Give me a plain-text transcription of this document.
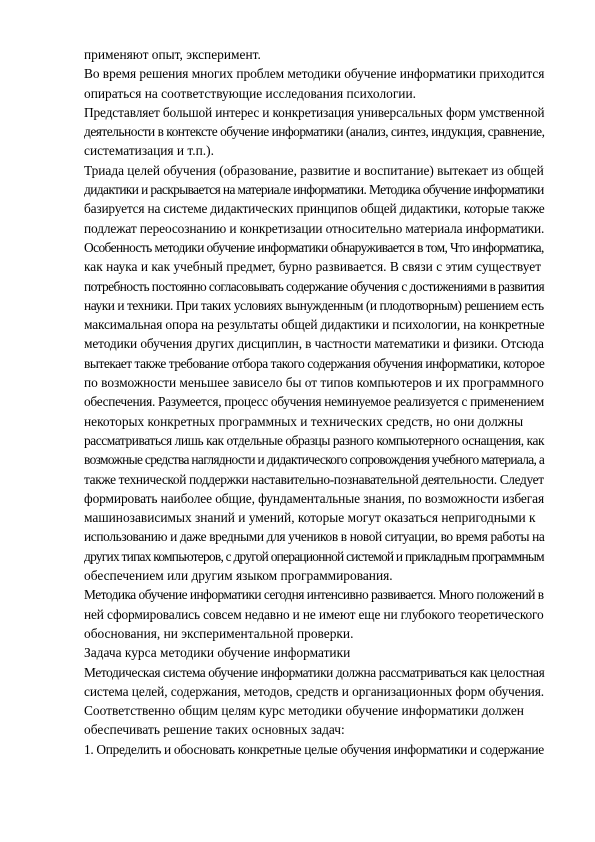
применяют опыт, эксперимент.
Во время решения многих проблем методики обучение информатики приходится
опираться на соответствующие исследования психологии.
Представляет большой интерес и конкретизация универсальных форм умственной
деятельности в контексте обучение информатики (анализ, синтез, индукция, сравнение,
систематизация и т.п.).
Триада целей обучения (образование, развитие и воспитание) вытекает из общей
дидактики и раскрывается на материале информатики. Методика обучение информатики
базируется на системе дидактических принципов общей дидактики, которые также
подлежат переосознанию и конкретизации относительно материала информатики.
Особенность методики обучение информатики обнаруживается в том, Что информатика,
как наука и как учебный предмет, бурно развивается. В связи с этим существует
потребность постоянно согласовывать содержание обучения с достижениями в развития
науки и техники. При таких условиях вынужденным (и плодотворным) решением есть
максимальная опора на результаты общей дидактики и психологии, на конкретные
методики обучения других дисциплин, в частности математики и физики. Отсюда
вытекает также требование отбора такого содержания обучения информатики, которое
по возможности меньшее зависело бы от типов компьютеров и их программного
обеспечения. Разумеется, процесс обучения неминуемое реализуется с применением
некоторых конкретных программных и технических средств, но они должны
рассматриваться лишь как отдельные образцы разного компьютерного оснащения, как
возможные средства наглядности и дидактического сопровождения учебного материала, а
также технической поддержки наставительно-познавательной деятельности. Следует
формировать наиболее общие, фундаментальные знания, по возможности избегая
машинозависимых знаний и умений, которые могут оказаться непригодными к
использованию и даже вредными для учеников в новой ситуации, во время работы на
других типах компьютеров, с другой операционной системой и прикладным программным
обеспечением или другим языком программирования.
Методика обучение информатики сегодня интенсивно развивается. Много положений в
ней сформировались совсем недавно и не имеют еще ни глубокого теоретического
обоснования, ни экспериментальной проверки.
Задача курса методики обучение информатики
Методическая система обучение информатики должна рассматриваться как целостная
система целей, содержания, методов, средств и организационных форм обучения.
Соответственно общим целям курс методики обучение информатики должен
обеспечивать решение таких основных задач:
1. Определить и обосновать конкретные целые обучения информатики и содержание
